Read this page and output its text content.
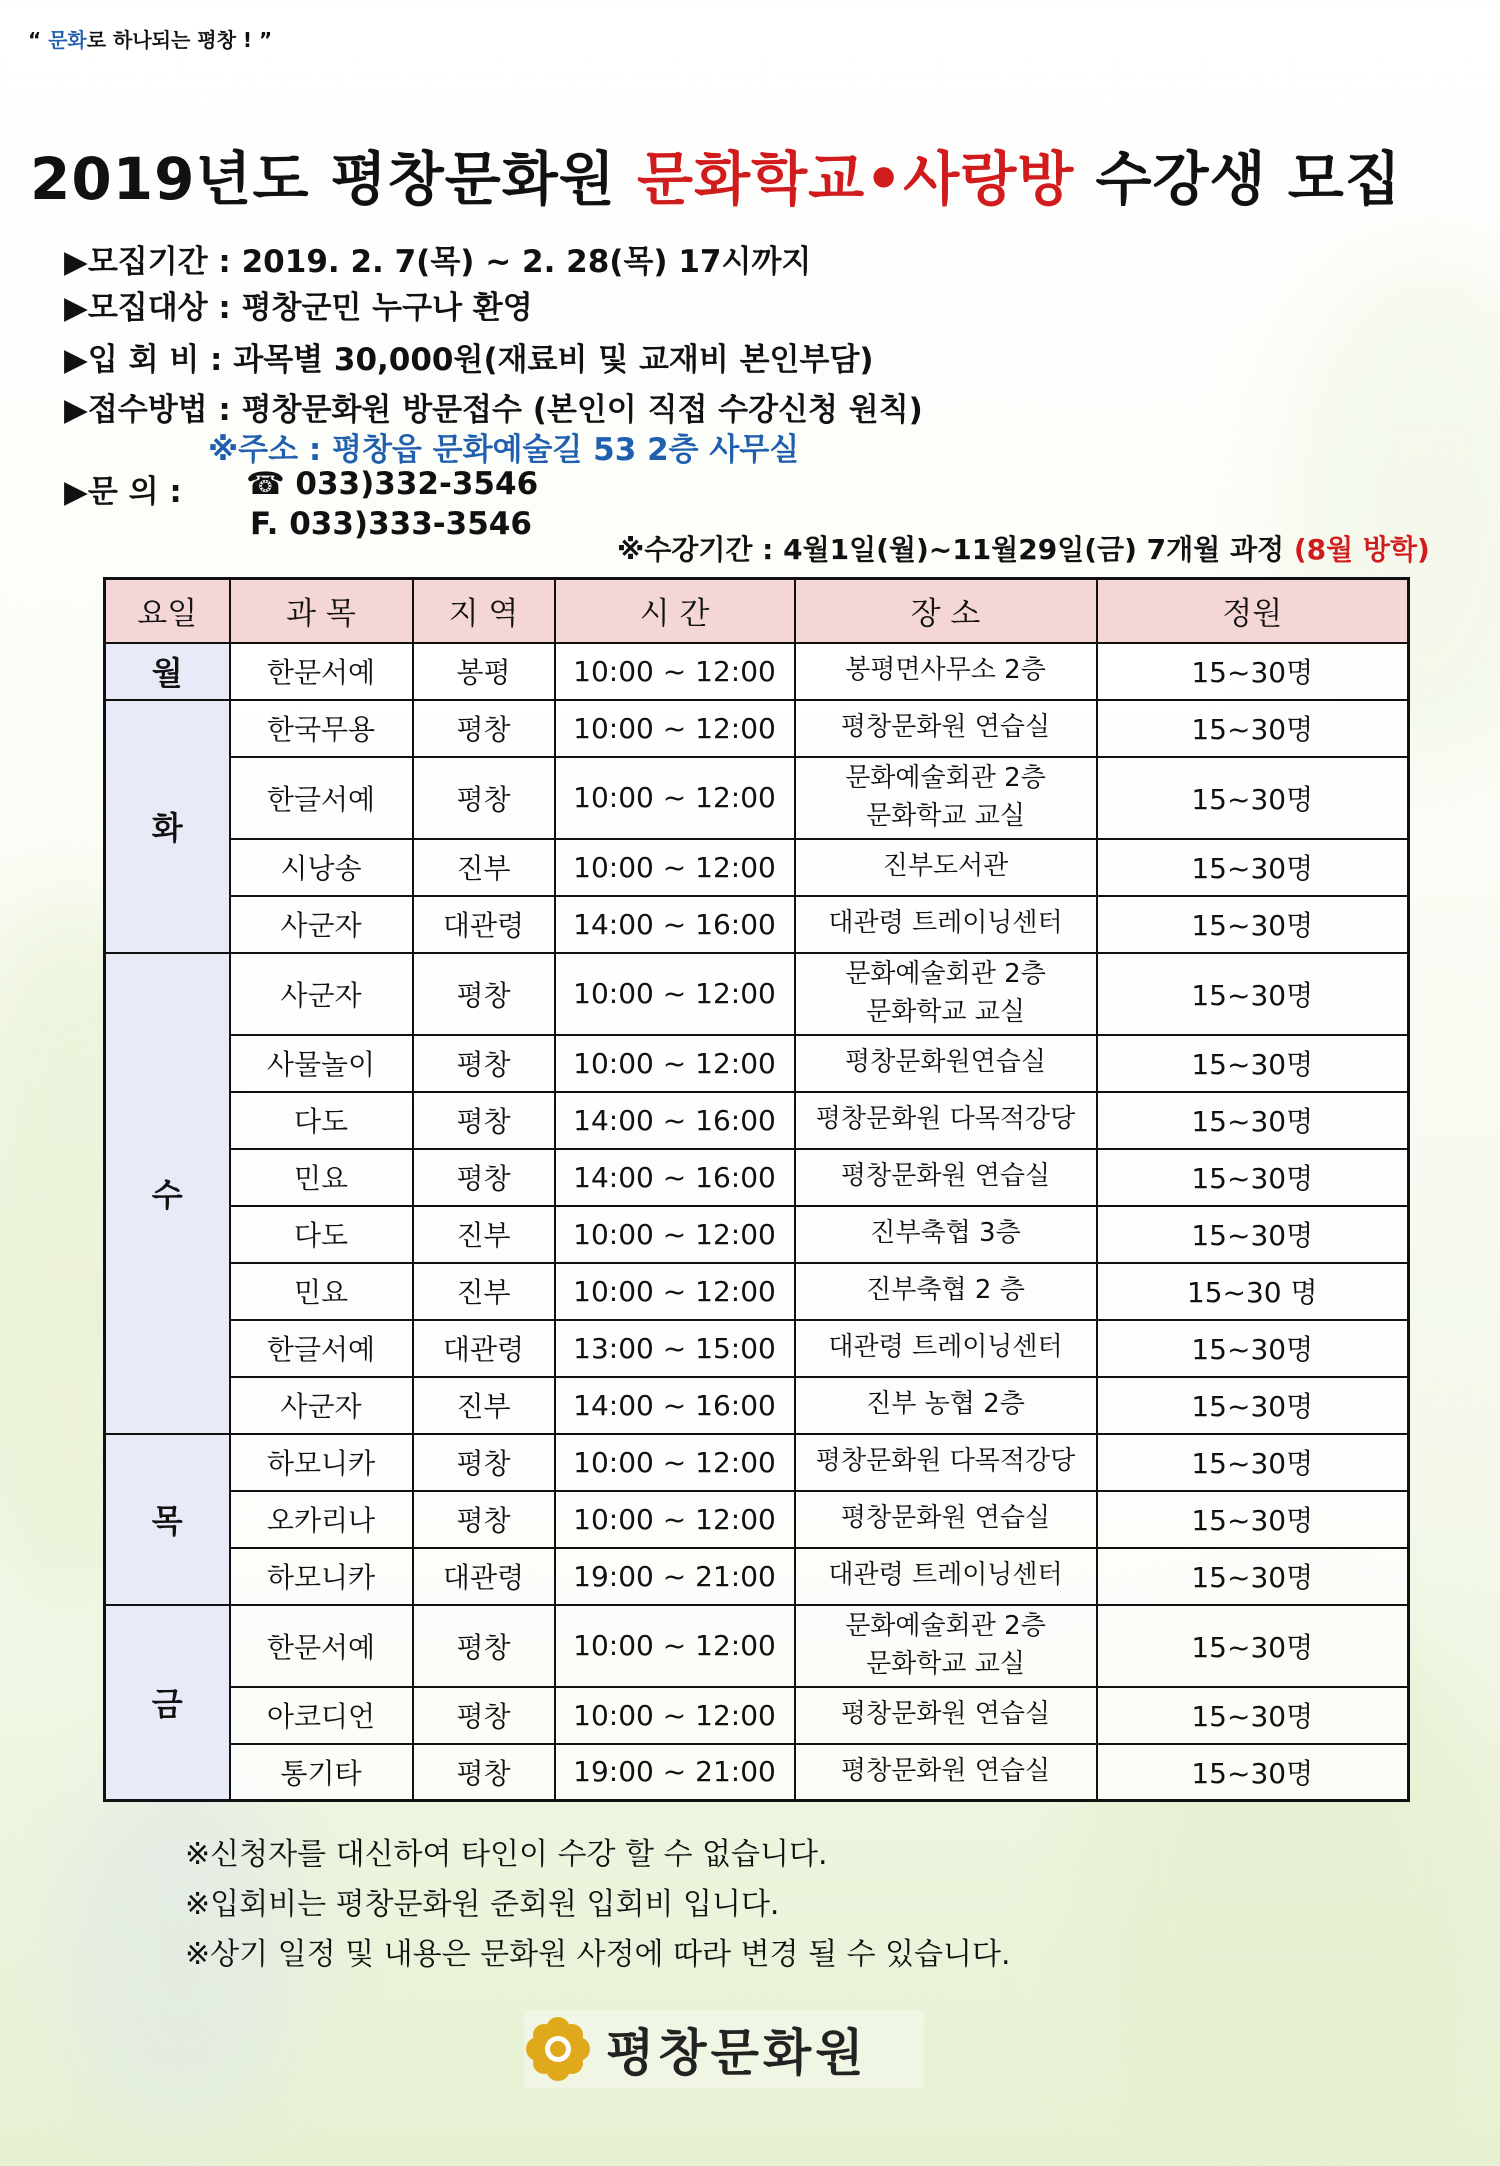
“ 문화로 하나되는 평창 ! ”
2019년도 평창문화원 문화학교•사랑방 수강생 모집
▶모집기간 : 2019. 2. 7(목) ~ 2. 28(목) 17시까지
▶모집대상 : 평창군민 누구나 환영
▶입 회 비 : 과목별 30,000원(재료비 및 교재비 본인부담)
▶접수방법 : 평창문화원 방문접수 (본인이 직접 수강신청 원칙)
※주소 : 평창읍 문화예술길 53 2층 사무실
▶문 의 : ☎ 033)332-3546
F. 033)333-3546
※수강기간 : 4월1일(월)~11월29일(금) 7개월 과정 (8월 방학)
요일	과 목	지 역	시 간	장 소	정원
월	한문서예	봉평	10:00 ~ 12:00	봉평면사무소 2층	15~30명
화	한국무용	평창	10:00 ~ 12:00	평창문화원 연습실	15~30명
	한글서예	평창	10:00 ~ 12:00	문화예술회관 2층
문화학교 교실	15~30명
	시낭송	진부	10:00 ~ 12:00	진부도서관	15~30명
	사군자	대관령	14:00 ~ 16:00	대관령 트레이닝센터	15~30명
수	사군자	평창	10:00 ~ 12:00	문화예술회관 2층
문화학교 교실	15~30명
	사물놀이	평창	10:00 ~ 12:00	평창문화원연습실	15~30명
	다도	평창	14:00 ~ 16:00	평창문화원 다목적강당	15~30명
	민요	평창	14:00 ~ 16:00	평창문화원 연습실	15~30명
	다도	진부	10:00 ~ 12:00	진부축협 3층	15~30명
	민요	진부	10:00 ~ 12:00	진부축협 2 층	15~30 명
	한글서예	대관령	13:00 ~ 15:00	대관령 트레이닝센터	15~30명
	사군자	진부	14:00 ~ 16:00	진부 농협 2층	15~30명
목	하모니카	평창	10:00 ~ 12:00	평창문화원 다목적강당	15~30명
	오카리나	평창	10:00 ~ 12:00	평창문화원 연습실	15~30명
	하모니카	대관령	19:00 ~ 21:00	대관령 트레이닝센터	15~30명
금	한문서예	평창	10:00 ~ 12:00	문화예술회관 2층
문화학교 교실	15~30명
	아코디언	평창	10:00 ~ 12:00	평창문화원 연습실	15~30명
	통기타	평창	19:00 ~ 21:00	평창문화원 연습실	15~30명
※신청자를 대신하여 타인이 수강 할 수 없습니다.
※입회비는 평창문화원 준회원 입회비 입니다.
※상기 일정 및 내용은 문화원 사정에 따라 변경 될 수 있습니다.
평창문화원
